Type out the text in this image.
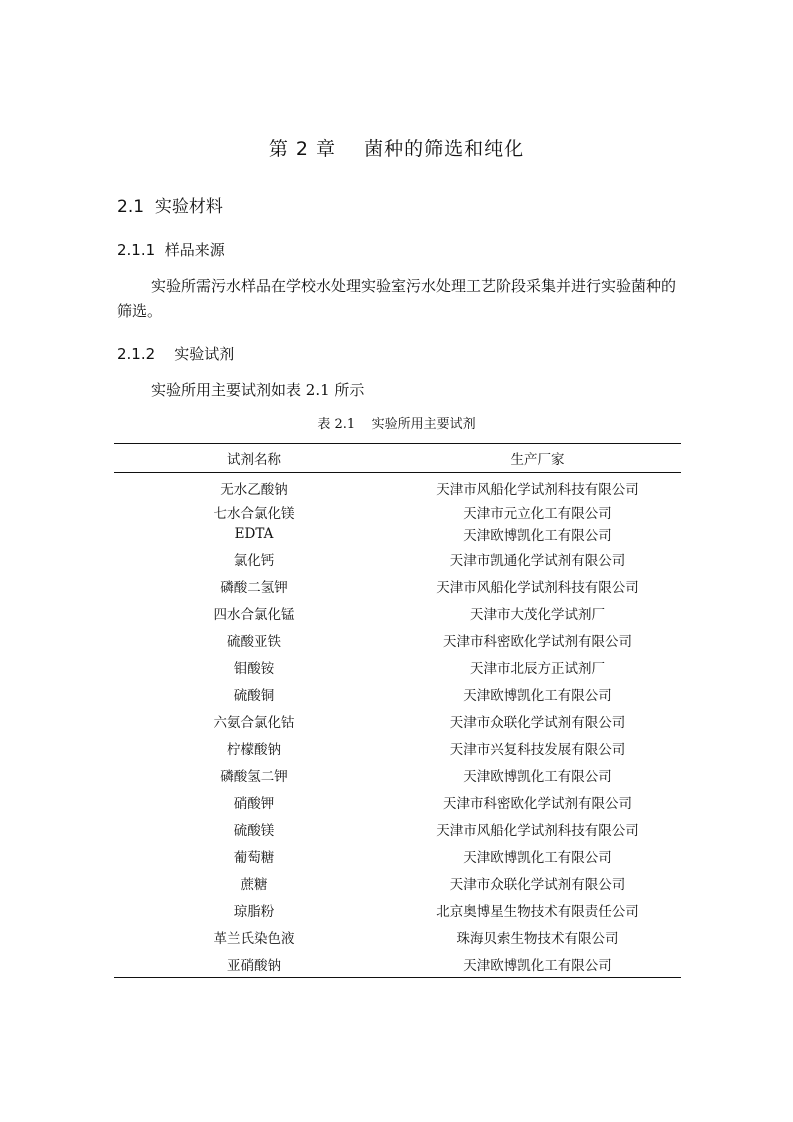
第 2 章    菌种的筛选和纯化
2.1  实验材料
2.1.1  样品来源
实验所需污水样品在学校水处理实验室污水处理工艺阶段采集并进行实验菌种的筛选。
2.1.2    实验试剂
实验所用主要试剂如表 2.1 所示
表 2.1    实验所用主要试剂
试剂名称	生产厂家
无水乙酸钠	天津市风船化学试剂科技有限公司
七水合氯化镁	天津市元立化工有限公司
EDTA	天津欧博凯化工有限公司
氯化钙	天津市凯通化学试剂有限公司
磷酸二氢钾	天津市风船化学试剂科技有限公司
四水合氯化锰	天津市大茂化学试剂厂
硫酸亚铁	天津市科密欧化学试剂有限公司
钼酸铵	天津市北辰方正试剂厂
硫酸铜	天津欧博凯化工有限公司
六氨合氯化钴	天津市众联化学试剂有限公司
柠檬酸钠	天津市兴复科技发展有限公司
磷酸氢二钾	天津欧博凯化工有限公司
硝酸钾	天津市科密欧化学试剂有限公司
硫酸镁	天津市风船化学试剂科技有限公司
葡萄糖	天津欧博凯化工有限公司
蔗糖	天津市众联化学试剂有限公司
琼脂粉	北京奥博星生物技术有限责任公司
革兰氏染色液	珠海贝索生物技术有限公司
亚硝酸钠	天津欧博凯化工有限公司
